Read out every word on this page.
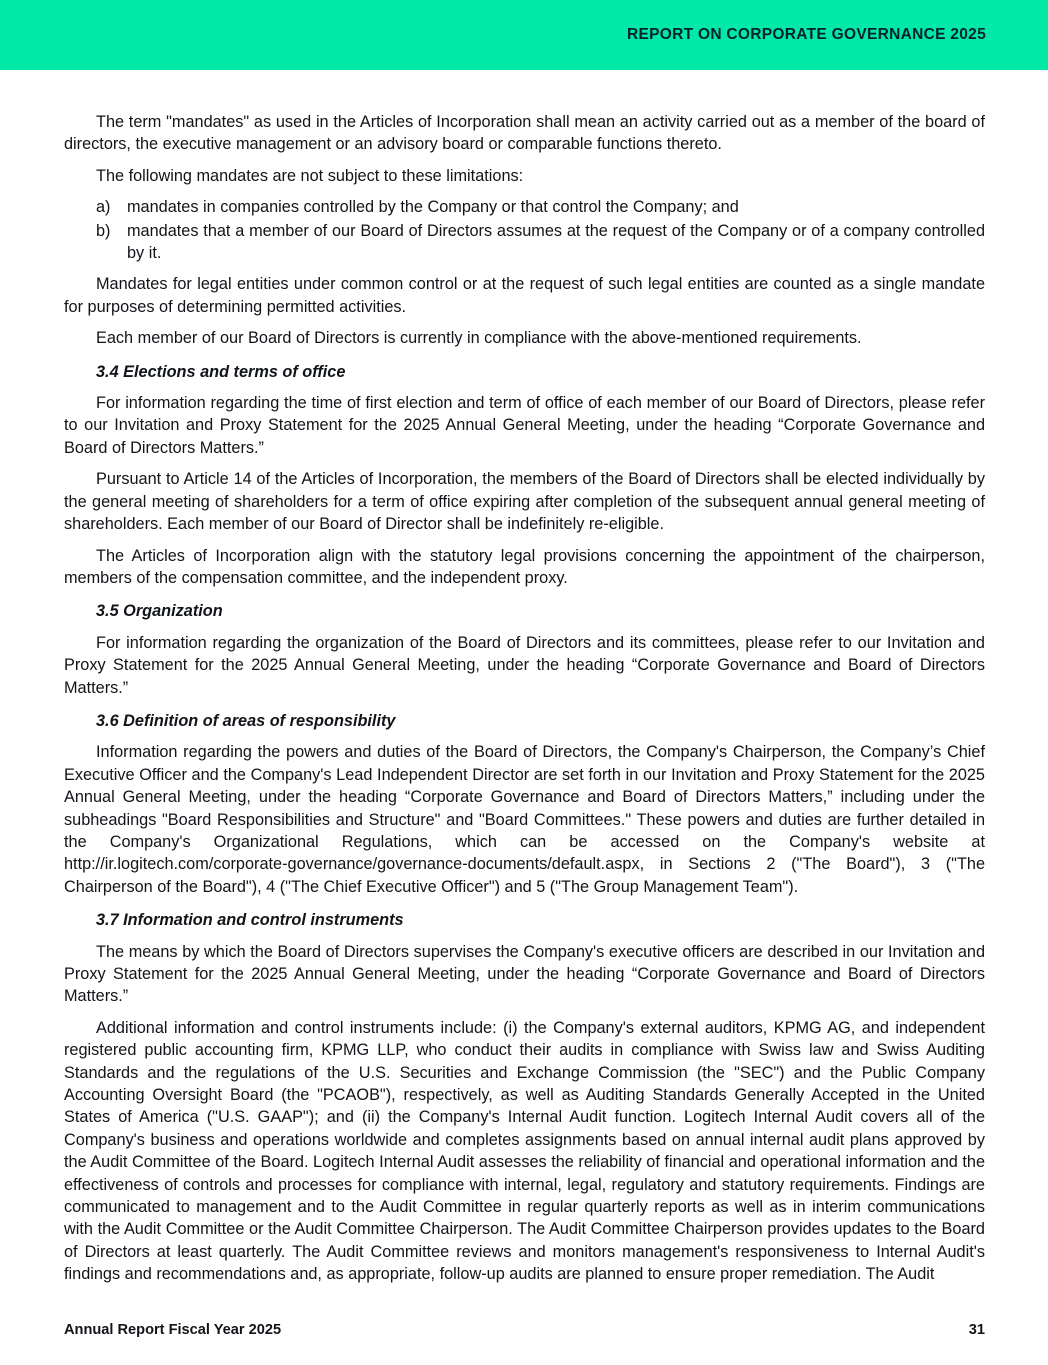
REPORT ON CORPORATE GOVERNANCE 2025

The term "mandates" as used in the Articles of Incorporation shall mean an activity carried out as a member of the board of directors, the executive management or an advisory board or comparable functions thereto.

The following mandates are not subject to these limitations:

a)	mandates in companies controlled by the Company or that control the Company; and
b)	mandates that a member of our Board of Directors assumes at the request of the Company or of a company controlled by it.

Mandates for legal entities under common control or at the request of such legal entities are counted as a single mandate for purposes of determining permitted activities.

Each member of our Board of Directors is currently in compliance with the above-mentioned requirements.

3.4 Elections and terms of office

For information regarding the time of first election and term of office of each member of our Board of Directors, please refer to our Invitation and Proxy Statement for the 2025 Annual General Meeting, under the heading “Corporate Governance and Board of Directors Matters.”

Pursuant to Article 14 of the Articles of Incorporation, the members of the Board of Directors shall be elected individually by the general meeting of shareholders for a term of office expiring after completion of the subsequent annual general meeting of shareholders. Each member of our Board of Director shall be indefinitely re-eligible.

The Articles of Incorporation align with the statutory legal provisions concerning the appointment of the chairperson, members of the compensation committee, and the independent proxy.

3.5 Organization

For information regarding the organization of the Board of Directors and its committees, please refer to our Invitation and Proxy Statement for the 2025 Annual General Meeting, under the heading “Corporate Governance and Board of Directors Matters.”

3.6 Definition of areas of responsibility

Information regarding the powers and duties of the Board of Directors, the Company's Chairperson, the Company’s Chief Executive Officer and the Company's Lead Independent Director are set forth in our Invitation and Proxy Statement for the 2025 Annual General Meeting, under the heading “Corporate Governance and Board of Directors Matters,” including under the subheadings "Board Responsibilities and Structure" and "Board Committees." These powers and duties are further detailed in the Company's Organizational Regulations, which can be accessed on the Company's website at http://ir.logitech.com/corporate-governance/governance-documents/default.aspx, in Sections 2 ("The Board"), 3 ("The Chairperson of the Board"), 4 ("The Chief Executive Officer") and 5 ("The Group Management Team").

3.7 Information and control instruments

The means by which the Board of Directors supervises the Company's executive officers are described in our Invitation and Proxy Statement for the 2025 Annual General Meeting, under the heading “Corporate Governance and Board of Directors Matters.”

Additional information and control instruments include: (i) the Company's external auditors, KPMG AG, and independent registered public accounting firm, KPMG LLP, who conduct their audits in compliance with Swiss law and Swiss Auditing Standards and the regulations of the U.S. Securities and Exchange Commission (the "SEC") and the Public Company Accounting Oversight Board (the "PCAOB"), respectively, as well as Auditing Standards Generally Accepted in the United States of America ("U.S. GAAP"); and (ii) the Company's Internal Audit function. Logitech Internal Audit covers all of the Company's business and operations worldwide and completes assignments based on annual internal audit plans approved by the Audit Committee of the Board. Logitech Internal Audit assesses the reliability of financial and operational information and the effectiveness of controls and processes for compliance with internal, legal, regulatory and statutory requirements. Findings are communicated to management and to the Audit Committee in regular quarterly reports as well as in interim communications with the Audit Committee or the Audit Committee Chairperson. The Audit Committee Chairperson provides updates to the Board of Directors at least quarterly. The Audit Committee reviews and monitors management's responsiveness to Internal Audit's findings and recommendations and, as appropriate, follow-up audits are planned to ensure proper remediation. The Audit

Annual Report Fiscal Year 2025	31
